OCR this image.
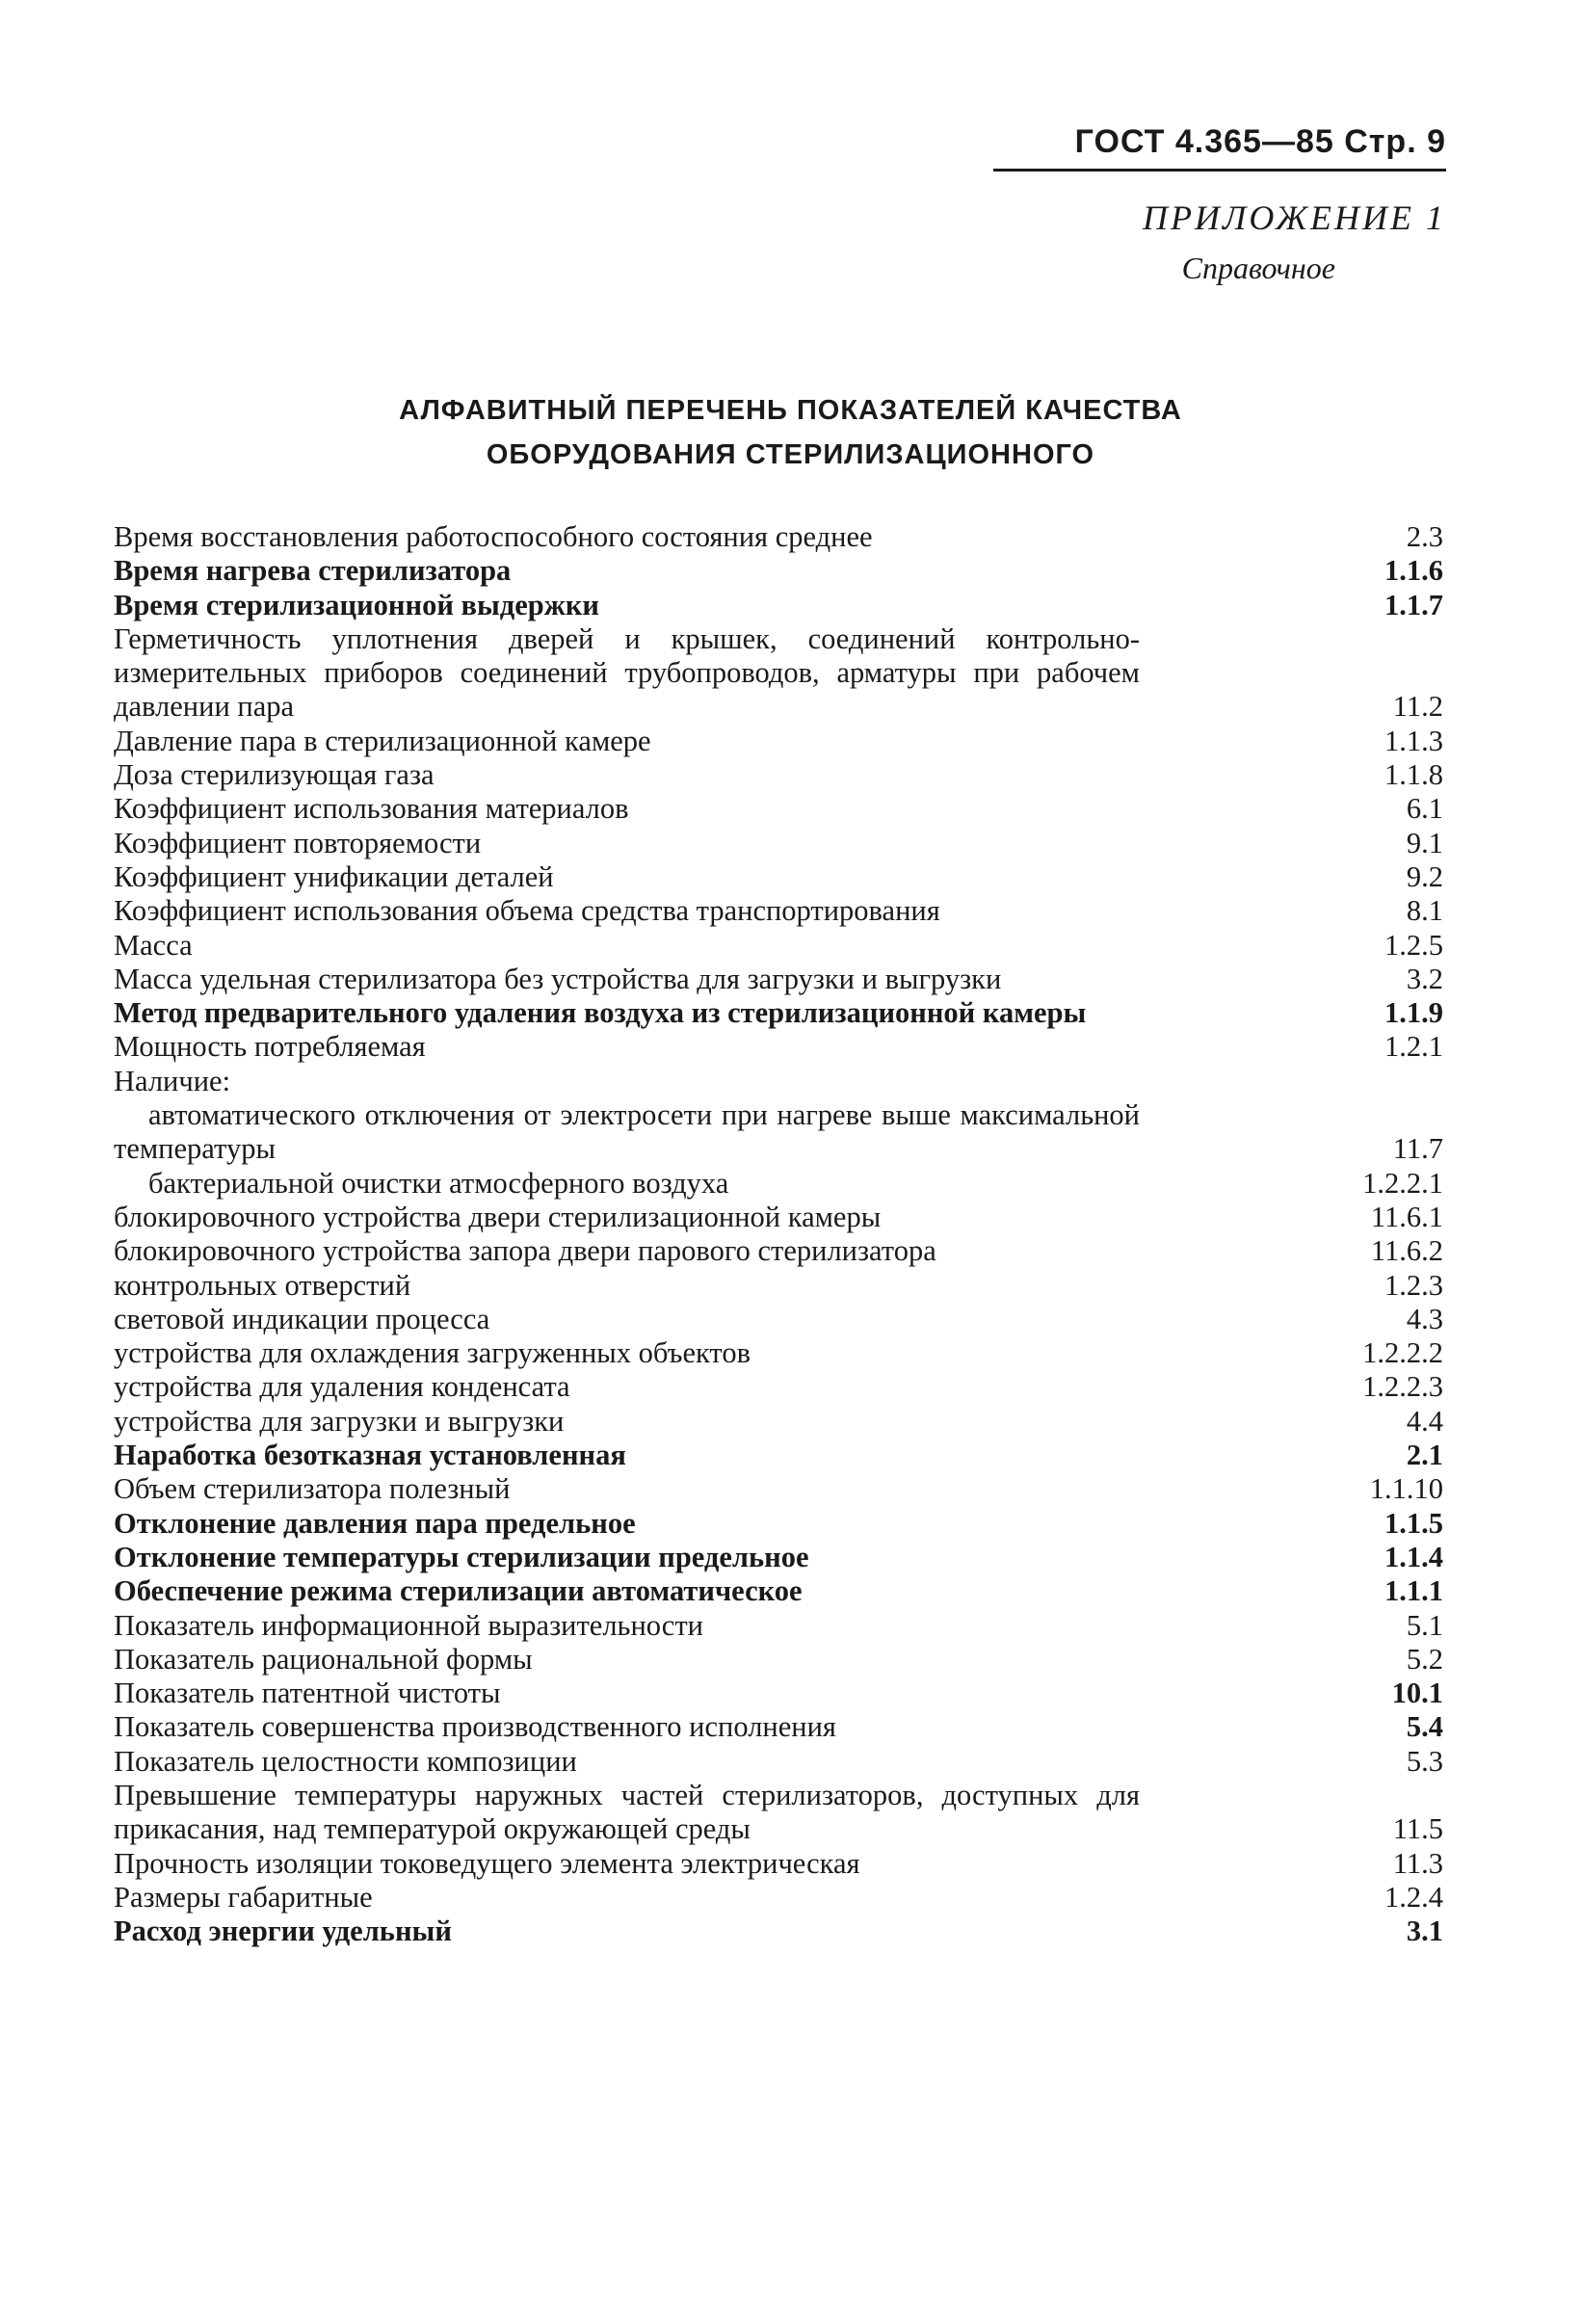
ГОСТ 4.365—85 Стр. 9
ПРИЛОЖЕНИЕ 1
Справочное
АЛФАВИТНЫЙ ПЕРЕЧЕНЬ ПОКАЗАТЕЛЕЙ КАЧЕСТВА
ОБОРУДОВАНИЯ СТЕРИЛИЗАЦИОННОГО
Время восстановления работоспособного состояния среднее	2.3
Время нагрева стерилизатора	1.1.6
Время стерилизационной выдержки	1.1.7
Герметичность уплотнения дверей и крышек, соединений контрольно-измерительных приборов соединений трубопроводов, арматуры при рабочем давлении пара	11.2
Давление пара в стерилизационной камере	1.1.3
Доза стерилизующая газа	1.1.8
Коэффициент использования материалов	6.1
Коэффициент повторяемости	9.1
Коэффициент унификации деталей	9.2
Коэффициент использования объема средства транспортирования	8.1
Масса	1.2.5
Масса удельная стерилизатора без устройства для загрузки и выгрузки	3.2
Метод предварительного удаления воздуха из стерилизационной камеры	1.1.9
Мощность потребляемая	1.2.1
Наличие:
автоматического отключения от электросети при нагреве выше максимальной температуры	11.7
бактериальной очистки атмосферного воздуха	1.2.2.1
блокировочного устройства двери стерилизационной камеры	11.6.1
блокировочного устройства запора двери парового стерилизатора	11.6.2
контрольных отверстий	1.2.3
световой индикации процесса	4.3
устройства для охлаждения загруженных объектов	1.2.2.2
устройства для удаления конденсата	1.2.2.3
устройства для загрузки и выгрузки	4.4
Наработка безотказная установленная	2.1
Объем стерилизатора полезный	1.1.10
Отклонение давления пара предельное	1.1.5
Отклонение температуры стерилизации предельное	1.1.4
Обеспечение режима стерилизации автоматическое	1.1.1
Показатель информационной выразительности	5.1
Показатель рациональной формы	5.2
Показатель патентной чистоты	10.1
Показатель совершенства производственного исполнения	5.4
Показатель целостности композиции	5.3
Превышение температуры наружных частей стерилизаторов, доступных для прикасания, над температурой окружающей среды	11.5
Прочность изоляции токоведущего элемента электрическая	11.3
Размеры габаритные	1.2.4
Расход энергии удельный	3.1
